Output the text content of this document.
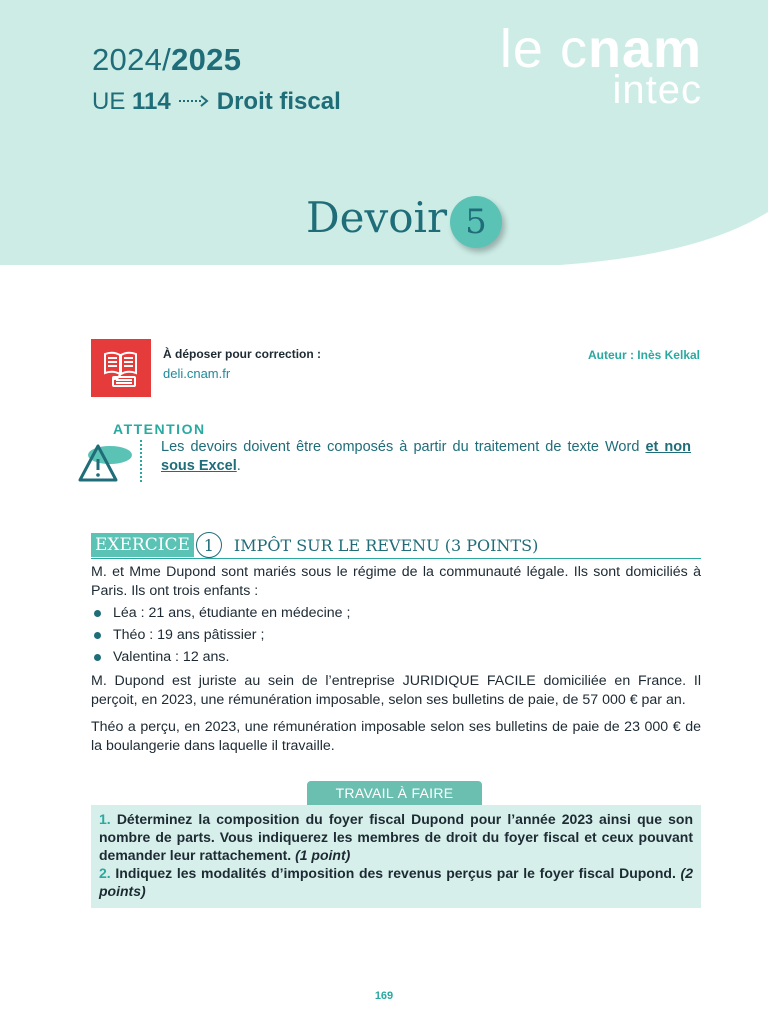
2024/2025
UE
114 Droit fiscal
le cnam
intec
Devoir 5
À déposer pour correction :
deli.cnam.fr
Auteur : Inès Kelkal
ATTENTION
Les devoirs doivent être composés à partir du traitement de texte Word et non sous Excel.
EXERCICE 1	IMPÔT SUR LE REVENU (3 POINTS)
M. et Mme Dupond sont mariés sous le régime de la communauté légale. Ils sont domiciliés à Paris. Ils ont trois enfants :
Léa : 21 ans, étudiante en médecine ;
Théo : 19 ans pâtissier ;
Valentina : 12 ans.
M. Dupond est juriste au sein de l’entreprise JURIDIQUE FACILE domiciliée en France. Il perçoit, en 2023, une rémunération imposable, selon ses bulletins de paie, de 57 000 € par an.
Théo a perçu, en 2023, une rémunération imposable selon ses bulletins de paie de 23 000 € de la boulangerie dans laquelle il travaille.
TRAVAIL À FAIRE
1. Déterminez la composition du foyer fiscal Dupond pour l’année 2023 ainsi que son nombre de parts. Vous indiquerez les membres de droit du foyer fiscal et ceux pouvant demander leur rattachement. (1 point)
2. Indiquez les modalités d’imposition des revenus perçus par le foyer fiscal Dupond. (2 points)
169
